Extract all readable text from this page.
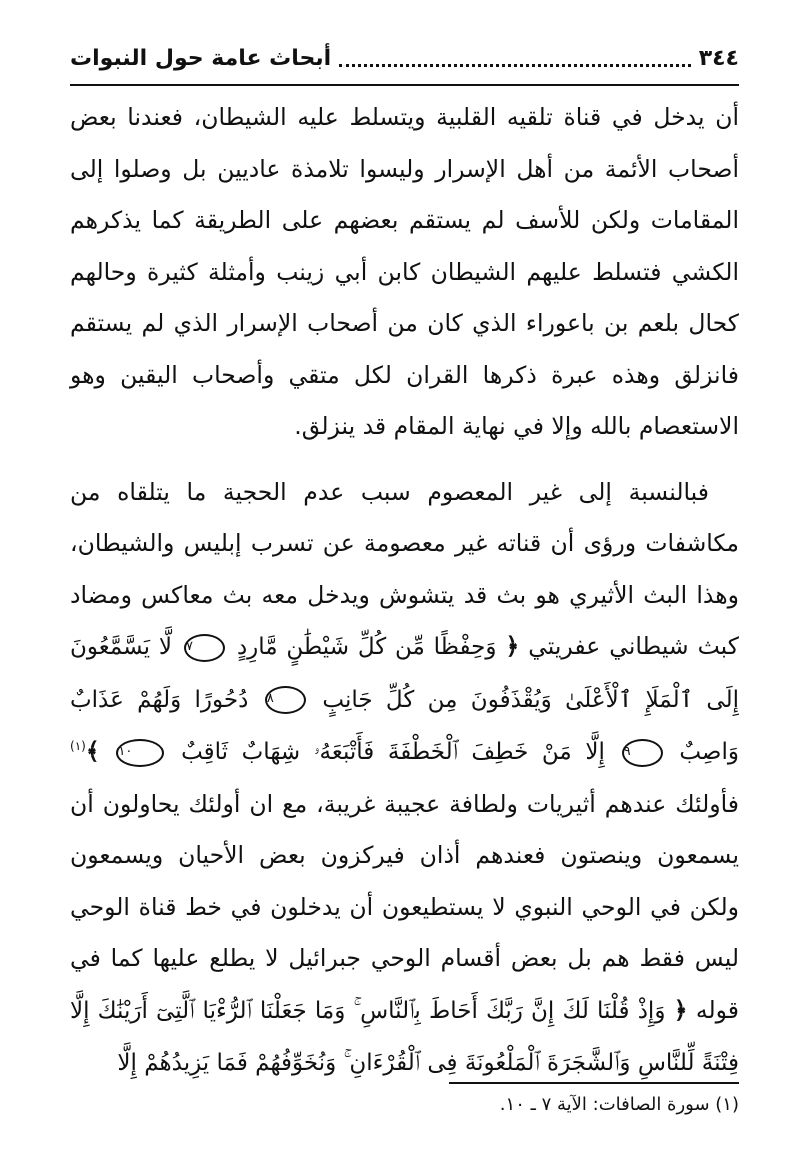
٣٤٤
أبحاث عامة حول النبوات

أن يدخل في قناة تلقيه القلبية ويتسلط عليه الشيطان، فعندنا بعض أصحاب الأئمة من أهل الإسرار وليسوا تلامذة عاديين بل وصلوا إلى المقامات ولكن للأسف لم يستقم بعضهم على الطريقة كما يذكرهم الكشي فتسلط عليهم الشيطان كابن أبي زينب وأمثلة كثيرة وحالهم كحال بلعم بن باعوراء الذي كان من أصحاب الإسرار الذي لم يستقم فانزلق وهذه عبرة ذكرها القران لكل متقي وأصحاب اليقين وهو الاستعصام بالله وإلا في نهاية المقام قد ينزلق.

فبالنسبة إلى غير المعصوم سبب عدم الحجية ما يتلقاه من مكاشفات ورؤى أن قناته غير معصومة عن تسرب إبليس والشيطان، وهذا البث الأثيري هو بث قد يتشوش ويدخل معه بث معاكس ومضاد كبث شيطاني عفريتي ﴿ وَحِفْظًا مِّن كُلِّ شَيْطَٰنٍ مَّارِدٍ ٧ لَّا يَسَّمَّعُونَ إِلَى ٱلْمَلَإِ ٱلْأَعْلَىٰ وَيُقْذَفُونَ مِن كُلِّ جَانِبٍ ٨ دُحُورًا وَلَهُمْ عَذَابٌ وَاصِبٌ ٩ إِلَّا مَنْ خَطِفَ ٱلْخَطْفَةَ فَأَتْبَعَهُۥ شِهَابٌ ثَاقِبٌ ١٠ ﴾$^{(١)}$ فأولئك عندهم أثيريات ولطافة عجيبة غريبة، مع ان أولئك يحاولون أن يسمعون وينصتون فعندهم أذان فيركزون بعض الأحيان ويسمعون ولكن في الوحي النبوي لا يستطيعون أن يدخلون في خط قناة الوحي ليس فقط هم بل بعض أقسام الوحي جبرائيل لا يطلع عليها كما في قوله ﴿ وَإِذْ قُلْنَا لَكَ إِنَّ رَبَّكَ أَحَاطَ بِٱلنَّاسِ ۚ وَمَا جَعَلْنَا ٱلرُّءْيَا ٱلَّتِىٓ أَرَيْنَٰكَ إِلَّا فِتْنَةً لِّلنَّاسِ وَٱلشَّجَرَةَ ٱلْمَلْعُونَةَ فِى ٱلْقُرْءَانِ ۚ وَنُخَوِّفُهُمْ فَمَا يَزِيدُهُمْ إِلَّا

(١) سورة الصافات: الآية ٧ ـ ١٠.
